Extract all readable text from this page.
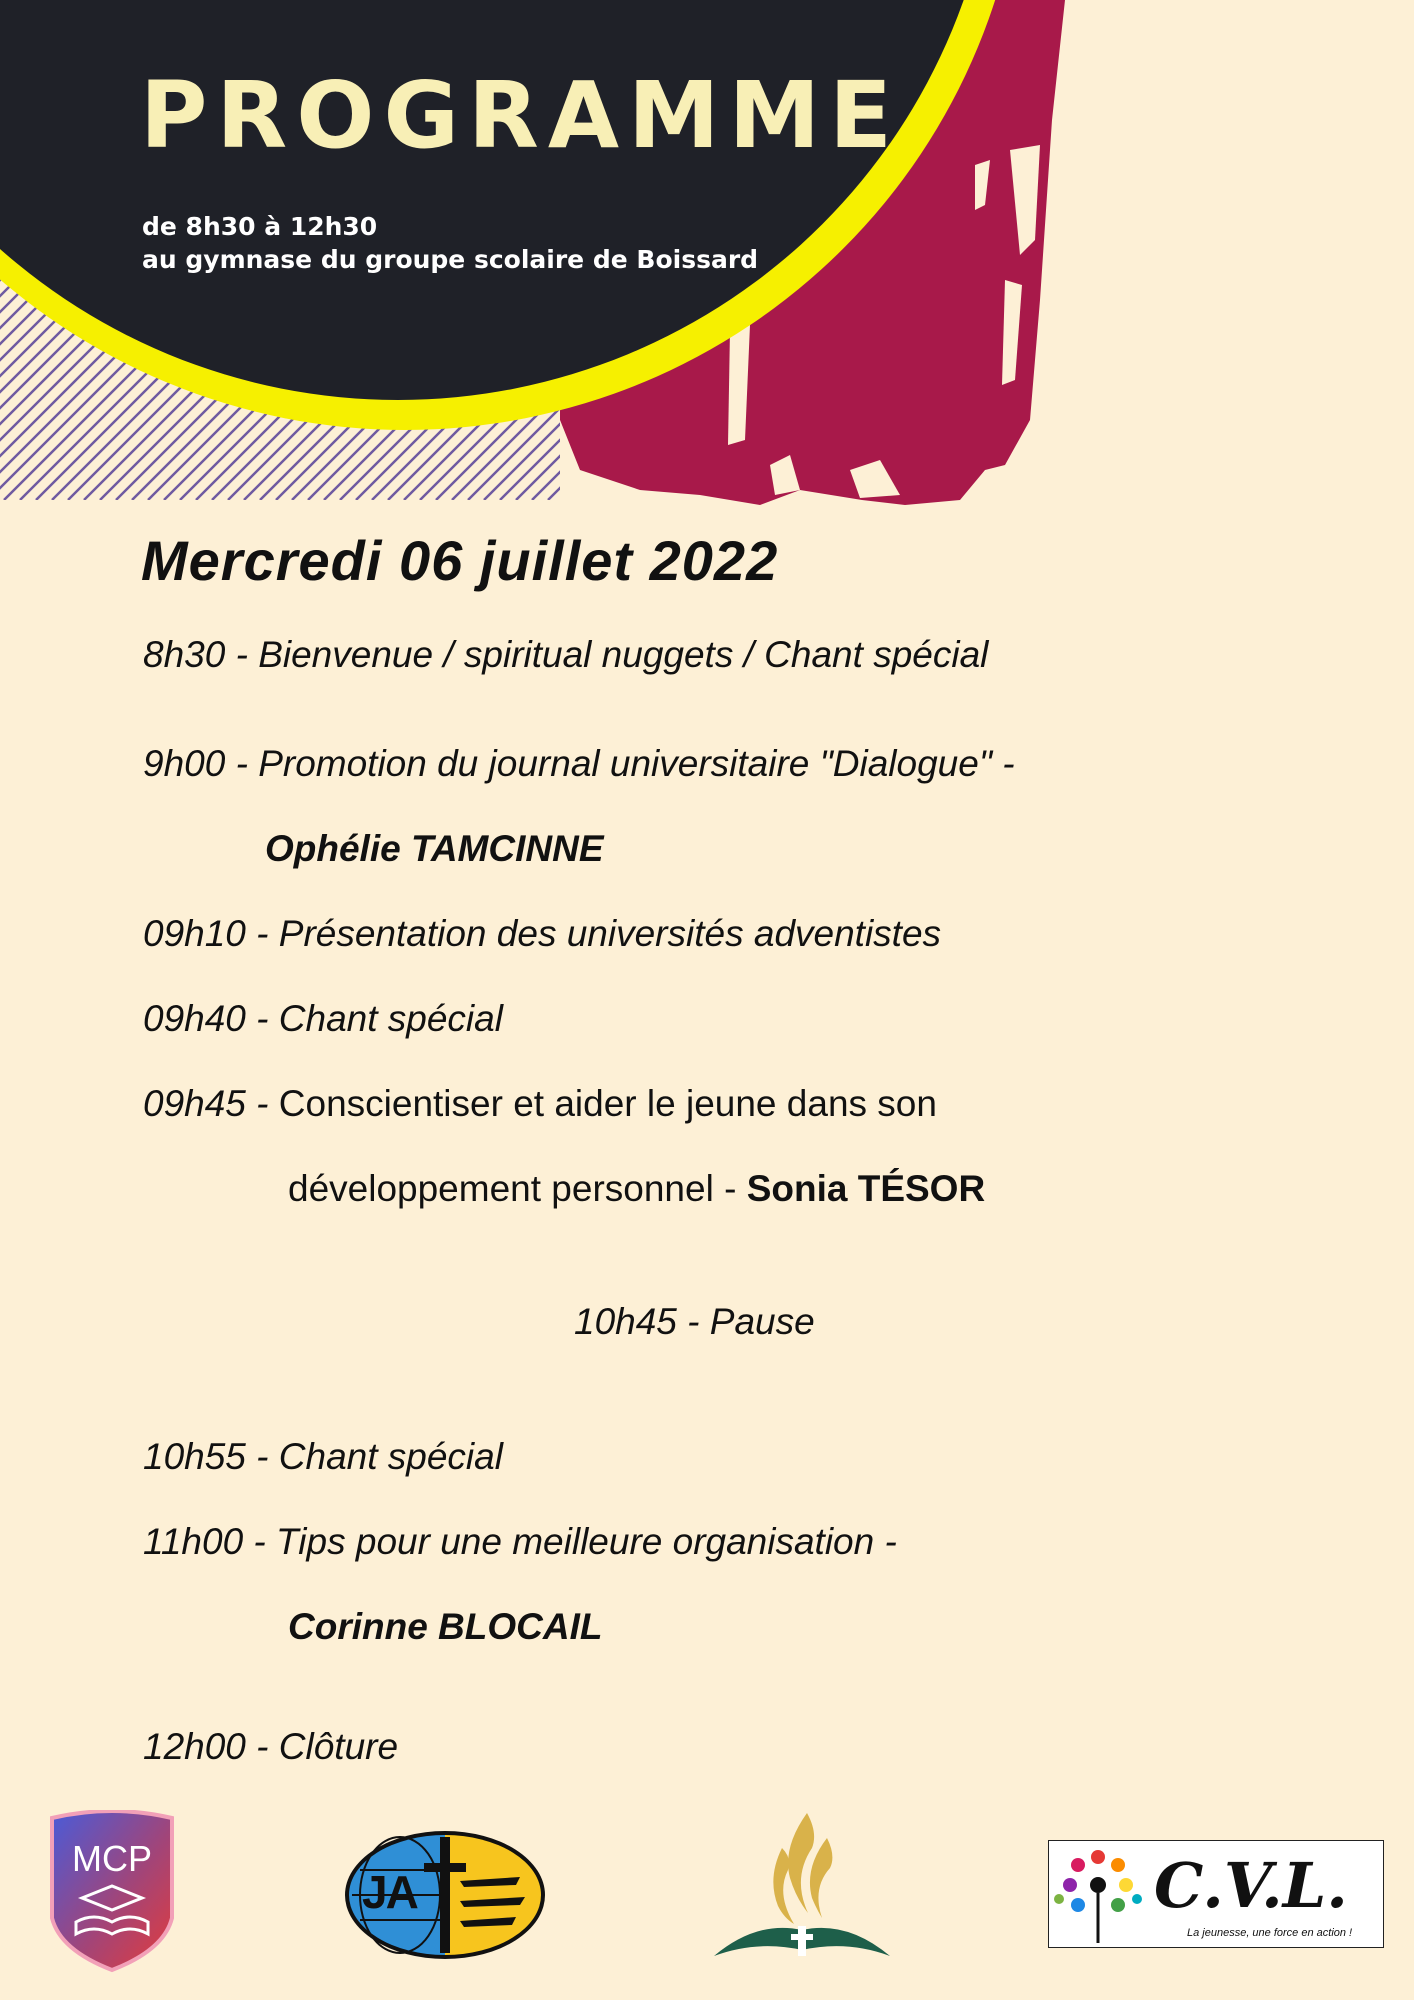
PROGRAMME

de 8h30 à 12h30

au gymnase du groupe scolaire de Boissard

Mercredi 06 juillet 2022

8h30 - Bienvenue / spiritual nuggets / Chant spécial

9h00 - Promotion du journal universitaire "Dialogue" -

Ophélie TAMCINNE

09h10 - Présentation des universités adventistes

09h40 - Chant spécial

09h45 - Conscientiser et aider le jeune dans son

développement personnel - Sonia TÉSOR

10h45 - Pause

10h55 - Chant spécial

11h00 - Tips pour une meilleure organisation -

Corinne BLOCAIL

12h00 - Clôture

MCP
JA	C.V.L.
La jeunesse, une force en action !
